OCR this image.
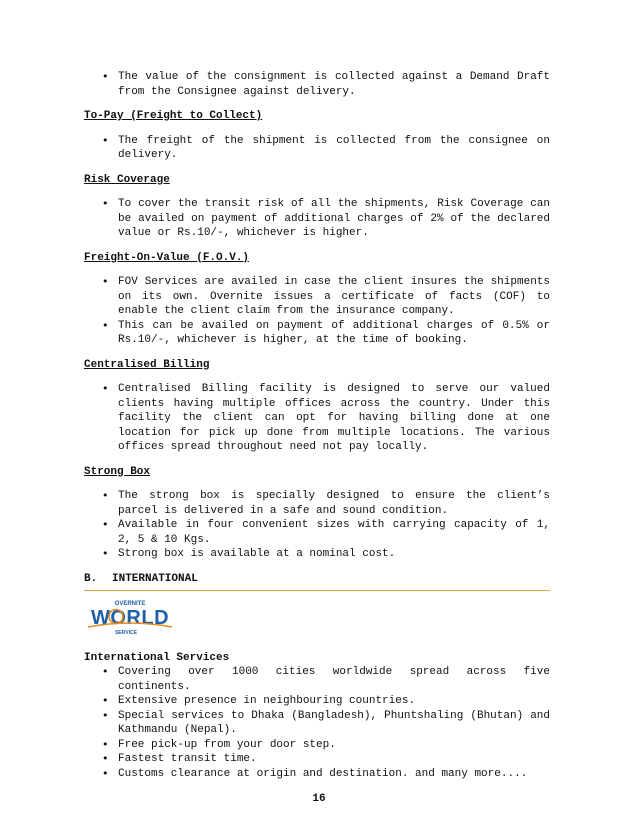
• The value of the consignment is collected against a Demand Draft from the Consignee against delivery.
To-Pay (Freight to Collect)
• The freight of the shipment is collected from the consignee on delivery.
Risk Coverage
• To cover the transit risk of all the shipments, Risk Coverage can be availed on payment of additional charges of 2% of the declared value or Rs.10/-, whichever is higher.
Freight-On-Value (F.O.V.)
• FOV Services are availed in case the client insures the shipments on its own. Overnite issues a certificate of facts (COF) to enable the client claim from the insurance company.
• This can be availed on payment of additional charges of 0.5% or Rs.10/-, whichever is higher, at the time of booking.
Centralised Billing
• Centralised Billing facility is designed to serve our valued clients having multiple offices across the country. Under this facility the client can opt for having billing done at one location for pick up done from multiple locations. The various offices spread throughout need not pay locally.
Strong Box
• The strong box is specially designed to ensure the client’s parcel is delivered in a safe and sound condition.
• Available in four convenient sizes with carrying capacity of 1, 2, 5 & 10 Kgs.
• Strong box is available at a nominal cost.
B.	INTERNATIONAL
OVERNITE
WORLD
SERVICE
International Services
• Covering over 1000 cities worldwide spread across five continents.
• Extensive presence in neighbouring countries.
• Special services to Dhaka (Bangladesh), Phuntshaling (Bhutan) and Kathmandu (Nepal).
• Free pick-up from your door step.
• Fastest transit time.
• Customs clearance at origin and destination. and many more....
16
